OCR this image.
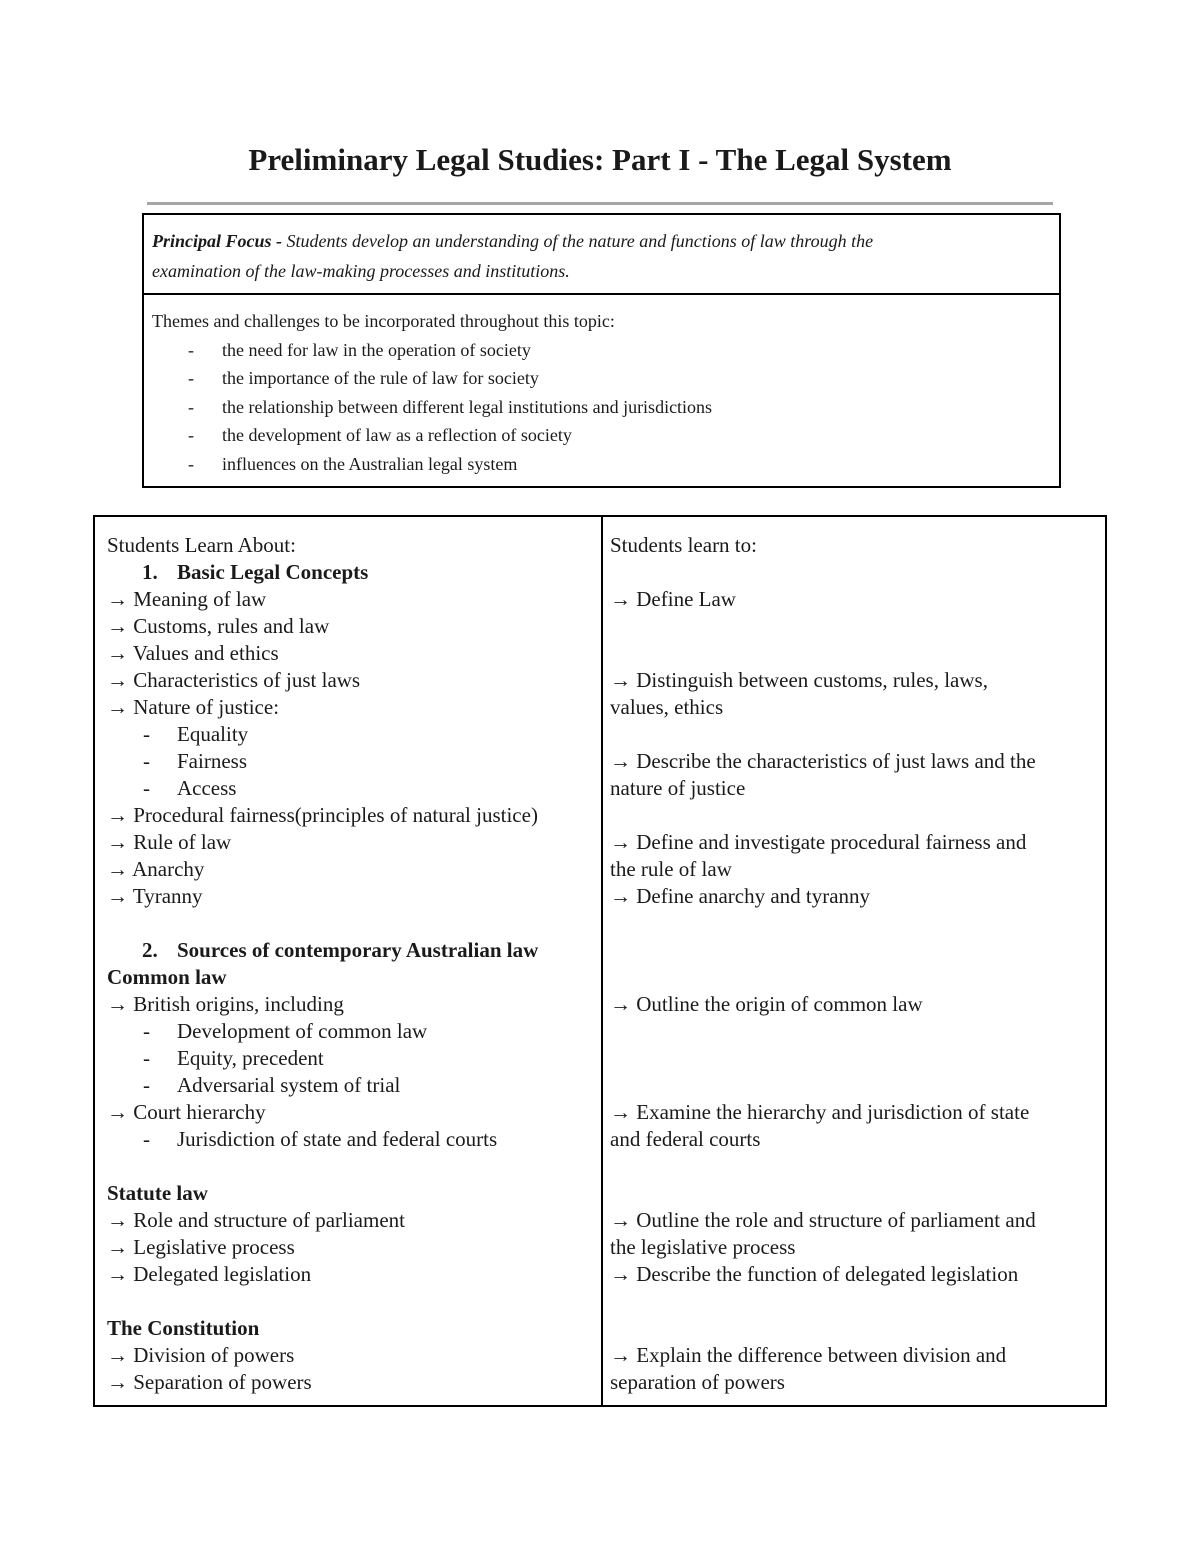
Preliminary Legal Studies: Part I - The Legal System
Principal Focus - Students develop an understanding of the nature and functions of law through the
examination of the law-making processes and institutions.
Themes and challenges to be incorporated throughout this topic:
- the need for law in the operation of society
- the importance of the rule of law for society
- the relationship between different legal institutions and jurisdictions
- the development of law as a reflection of society
- influences on the Australian legal system
Students Learn About:
1. Basic Legal Concepts
→ Meaning of law
→ Customs, rules and law
→ Values and ethics
→ Characteristics of just laws
→ Nature of justice:
- Equality
- Fairness
- Access
→ Procedural fairness(principles of natural justice)
→ Rule of law
→ Anarchy
→ Tyranny
2. Sources of contemporary Australian law
Common law
→ British origins, including
- Development of common law
- Equity, precedent
- Adversarial system of trial
→ Court hierarchy
- Jurisdiction of state and federal courts
Statute law
→ Role and structure of parliament
→ Legislative process
→ Delegated legislation
The Constitution
→ Division of powers
→ Separation of powers
Students learn to:
→ Define Law
→ Distinguish between customs, rules, laws,
values, ethics
→ Describe the characteristics of just laws and the
nature of justice
→ Define and investigate procedural fairness and
the rule of law
→ Define anarchy and tyranny
→ Outline the origin of common law
→ Examine the hierarchy and jurisdiction of state
and federal courts
→ Outline the role and structure of parliament and
the legislative process
→ Describe the function of delegated legislation
→ Explain the difference between division and
separation of powers
